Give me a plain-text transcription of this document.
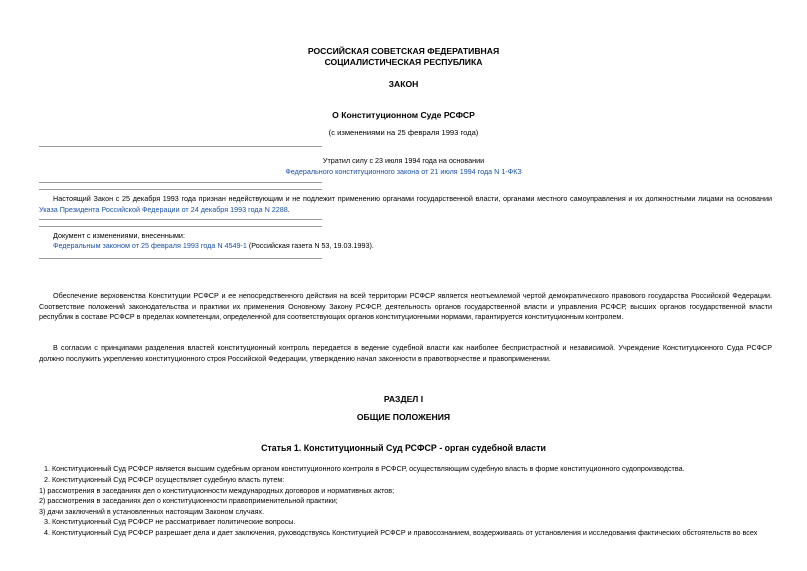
РОССИЙСКАЯ СОВЕТСКАЯ ФЕДЕРАТИВНАЯ
СОЦИАЛИСТИЧЕСКАЯ РЕСПУБЛИКА
ЗАКОН
О Конституционном Суде РСФСР
(с изменениями на 25 февраля 1993 года)
Утратил силу с 23 июля 1994 года на основании
Федерального конституционного закона от 21 июля 1994 года N 1-ФКЗ
Настоящий Закон с 25 декабря 1993 года признан недействующим и не подлежит применению органами государственной власти, органами местного самоуправления и их должностными лицами на основании Указа Президента Российской Федерации от 24 декабря 1993 года N 2288.
Документ с изменениями, внесенными:
Федеральным законом от 25 февраля 1993 года N 4549-1 (Российская газета N 53, 19.03.1993).
Обеспечение верховенства Конституции РСФСР и ее непосредственного действия на всей территории РСФСР является неотъемлемой чертой демократического правового государства Российской Федерации. Соответствие положений законодательства и практики их применения Основному Закону РСФСР, деятельность органов государственной власти и управления РСФСР, высших органов государственной власти республик в составе РСФСР в пределах компетенции, определенной для соответствующих органов конституционными нормами, гарантируется конституционным контролем.
В согласии с принципами разделения властей конституционный контроль передается в ведение судебной власти как наиболее беспристрастной и независимой. Учреждение Конституционного Суда РСФСР должно послужить укреплению конституционного строя Российской Федерации, утверждению начал законности в правотворчестве и правоприменении.
РАЗДЕЛ I
ОБЩИЕ ПОЛОЖЕНИЯ
Статья 1. Конституционный Суд РСФСР - орган судебной власти
1. Конституционный Суд РСФСР является высшим судебным органом конституционного контроля в РСФСР, осуществляющим судебную власть в форме конституционного судопроизводства.
2. Конституционный Суд РСФСР осуществляет судебную власть путем:
1) рассмотрения в заседаниях дел о конституционности международных договоров и нормативных актов;
2) рассмотрения в заседаниях дел о конституционности правоприменительной практики;
3) дачи заключений в установленных настоящим Законом случаях.
3. Конституционный Суд РСФСР не рассматривает политические вопросы.
4. Конституционный Суд РСФСР разрешает дела и дает заключения, руководствуясь Конституцией РСФСР и правосознанием, воздерживаясь от установления и исследования фактических обстоятельств во всех
